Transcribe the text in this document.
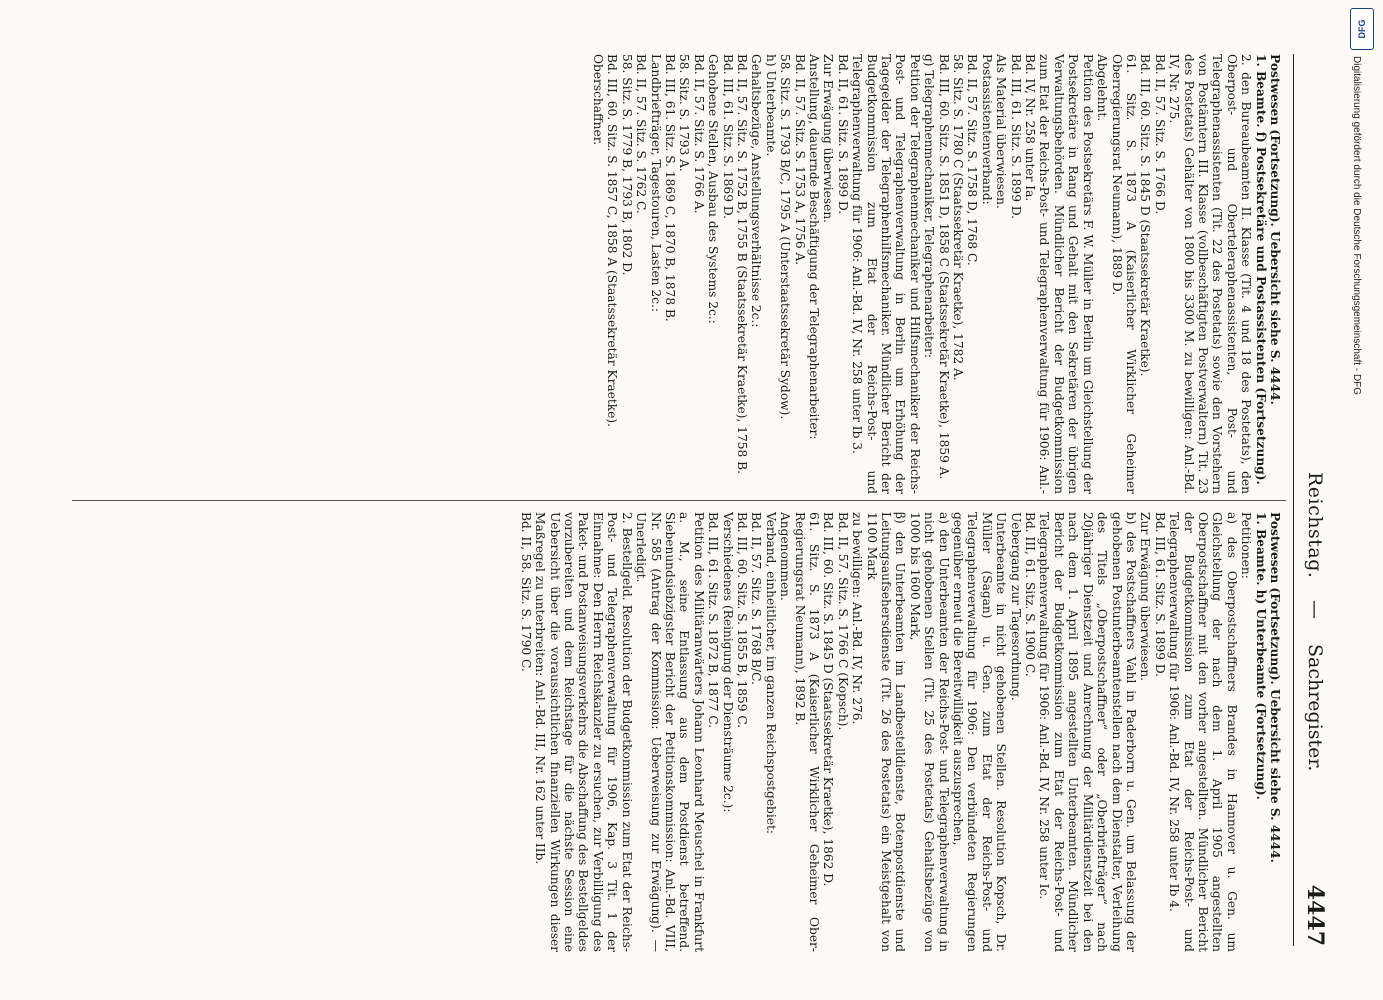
Reichstag.
—
Sachregister.
4447

Postwesen (Fortsetzung). Uebersicht siehe S. 4444.

1. Beamte. f) Postsekretäre und Postassistenten (Fortsetzung).

2. den Bureaubeamten II. Klasse (Tit. 4 und 18 des Postetats), den Oberpost- und Oberteleraphenassistenten, Post- und Telegraphenassistenten (Tit. 22 des Postetats) sowie den Vorstehern von Postämtern III. Klasse (vollbeschäftigten Postverwaltern) Tit. 23 des Postetats) Gehälter von 1800 bis 3300 M. zu bewilligen: Anl.-Bd. IV, Nr. 275.

Bd. II, 57. Sitz. S. 1766 D.

Bd. III, 60. Sitz. S. 1845 D (Staatssekretär Kraetke).

61. Sitz. S. 1873 A (Kaiserlicher Wirklicher Geheimer Oberregierungsrat Neumann), 1889 D.

Abgelehnt.

Petition des Postsekretärs F. W. Müller in Berlin um Gleichstellung der Postsekretäre in Rang und Gehalt mit den Sekretären der übrigen Verwaltungsbehörden. Mündlicher Bericht der Budgetkommission zum Etat der Reichs-Post- und Telegraphenverwaltung für 1906: Anl.-Bd. IV, Nr. 258 unter Ia.

Bd. III, 61. Sitz. S. 1899 D.

Als Material überwiesen.

Postassistentenverband:

Bd. II, 57. Sitz. S. 1758 D, 1768 C.

58. Sitz. S. 1780 C (Staatssekretär Kraetke), 1782 A.

Bd. III, 60. Sitz. S. 1851 D, 1858 C (Staatssekretär Kraetke), 1859 A.

g) Telegraphenmechaniker, Telegraphenarbeiter:

Petition der Telegraphenmechaniker und Hilfsmechaniker der Reichs-Post- und Telegraphenverwaltung in Berlin um Erhöhung der Tagegelder der Telegraphenhilfsmechaniker. Mündlicher Bericht der Budgetkommission zum Etat der Reichs-Post- und Telegraphenverwaltung für 1906: Anl.-Bd. IV, Nr. 258 unter Ib 3.

Bd. II, 61. Sitz. S. 1899 D.

Zur Erwägung überwiesen.

Anstellung, dauernde Beschäftigung der Telegraphenarbeiter:

Bd. II, 57. Sitz. S. 1753 A, 1756 A.

58. Sitz. S. 1793 B/C, 1795 A (Unterstaatssekretär Sydow).

h) Unterbeamte.

Gehaltsbezüge, Anstellungsverhältnisse 2c.:

Bd. II, 57. Sitz. S. 1752 B, 1755 B (Staatssekretär Kraetke), 1758 B.

Bd. III, 61. Sitz. S. 1869 D.

Gehobene Stellen, Ausbau des Systems 2c.:

Bd. II, 57. Sitz. S. 1766 A.

58. Sitz. S. 1793 A.

Bd. III, 61. Sitz. S. 1869 C, 1870 B, 1878 B.

Landbriefträger, Tagestouren, Lasten 2c.:

Bd. II, 57. Sitz. S. 1762 C.

58. Sitz. S. 1779 B, 1793 B, 1802 D.

Bd. III, 60. Sitz. S. 1857 C, 1858 A (Staatssekretär Kraetke).

Oberschaffner.

Postwesen (Fortsetzung). Uebersicht siehe S. 4444.

1. Beamte. h) Unterbeamte (Fortsetzung).

Petitionen:

a) des Oberpostschaffners Brandes in Hannover u. Gen. um Gleichstellung der nach dem 1. April 1905 angestellten Oberpostschaffner mit den vorher angestellten. Mündlicher Bericht der Budgetkommission zum Etat der Reichs-Post- und Telegraphenverwaltung für 1906: Anl.-Bd. IV, Nr. 258 unter Ib 4.

Bd. III, 61. Sitz. S. 1899 D.

Zur Erwägung überwiesen.

b) des Postschaffners Vahl in Paderborn u. Gen. um Belassung der gehobenen Postunterbeamtenstellen nach dem Dienstalter, Verleihung des Titels „Oberpostschaffner“ oder „Oberbriefträger“ nach 20jähriger Dienstzeit und Anrechnung der Militärdienstzeit bei den nach dem 1. April 1895 angestellten Unterbeamten. Mündlicher Bericht der Budgetkommission zum Etat der Reichs-Post- und Telegraphenverwaltung für 1906: Anl.-Bd. IV, Nr. 258 unter Ic.

Bd. III, 61. Sitz. S. 1900 C.

Uebergang zur Tagesordnung.

Unterbeamte in nicht gehobenen Stellen. Resolution Kopsch, Dr. Müller (Sagan) u. Gen. zum Etat der Reichs-Post- und Telegraphenverwaltung für 1906: Den verbündeten Regierungen gegenüber erneut die Bereitwilligkeit auszusprechen,

a) den Unterbeamten der Reichs-Post- und Telegraphenverwaltung in nicht gehobenen Stellen (Tit. 25 des Postetats) Gehaltsbezüge von 1000 bis 1600 Mark,

β) den Unterbeamten im Landbestelldienste, Botenpostdienste und Leitungsaufsehersdienste (Tit. 26 des Postetats) ein Meistgehalt von 1100 Mark

zu bewilligen: Anl.-Bd. IV, Nr. 276.

Bd. II, 57. Sitz. S. 1766 C (Kopsch).

Bd. III, 60. Sitz. S. 1845 D (Staatssekretär Kraetke), 1862 D.

61. Sitz. S. 1873 A (Kaiserlicher Wirklicher Geheimer Ober-Regierungsrat Neumann), 1892 B.

Angenommen.

Verband, einheitlicher, im ganzen Reichspostgebiet:

Bd. II, 57. Sitz. S. 1768 B/C.

Bd. III, 60. Sitz. S. 1855 B, 1859 C.

Verschiedenes (Reinigung der Diensträume 2c.):

Bd. III, 61. Sitz. S. 1872 B, 1877 C.

Petition des Militäranwärters Johann Leonhard Meuschel in Frankfurt a. M., seine Entlassung aus dem Postdienst betreffend. Siebenundsiebzigster Bericht der Petitionskommission: Anl.-Bd. VIII, Nr. 585 (Antrag der Kommission: Ueberweisung zur Erwägung). — Unerledigt.

2. Bestellgeld. Resolution der Budgetkommission zum Etat der Reichs-Post- und Telegraphenverwaltung für 1906, Kap. 3 Tit. 1 der Einnahme: Den Herrn Reichskanzler zu ersuchen, zur Verbilligung des Paket- und Postanweisungsverkehrs die Abschaffung des Bestellgeldes vorzubereiten und dem Reichstage für die nächste Session eine Uebersicht über die voraussichtlichen finanziellen Wirkungen dieser Maßregel zu unterbreiten: Anl.-Bd. III, Nr. 162 unter IIb.

Bd. II, 58. Sitz. S. 1790 C.

DFG
Digitalisierung gefördert durch die Deutsche Forschungsgemeinschaft - DFG
